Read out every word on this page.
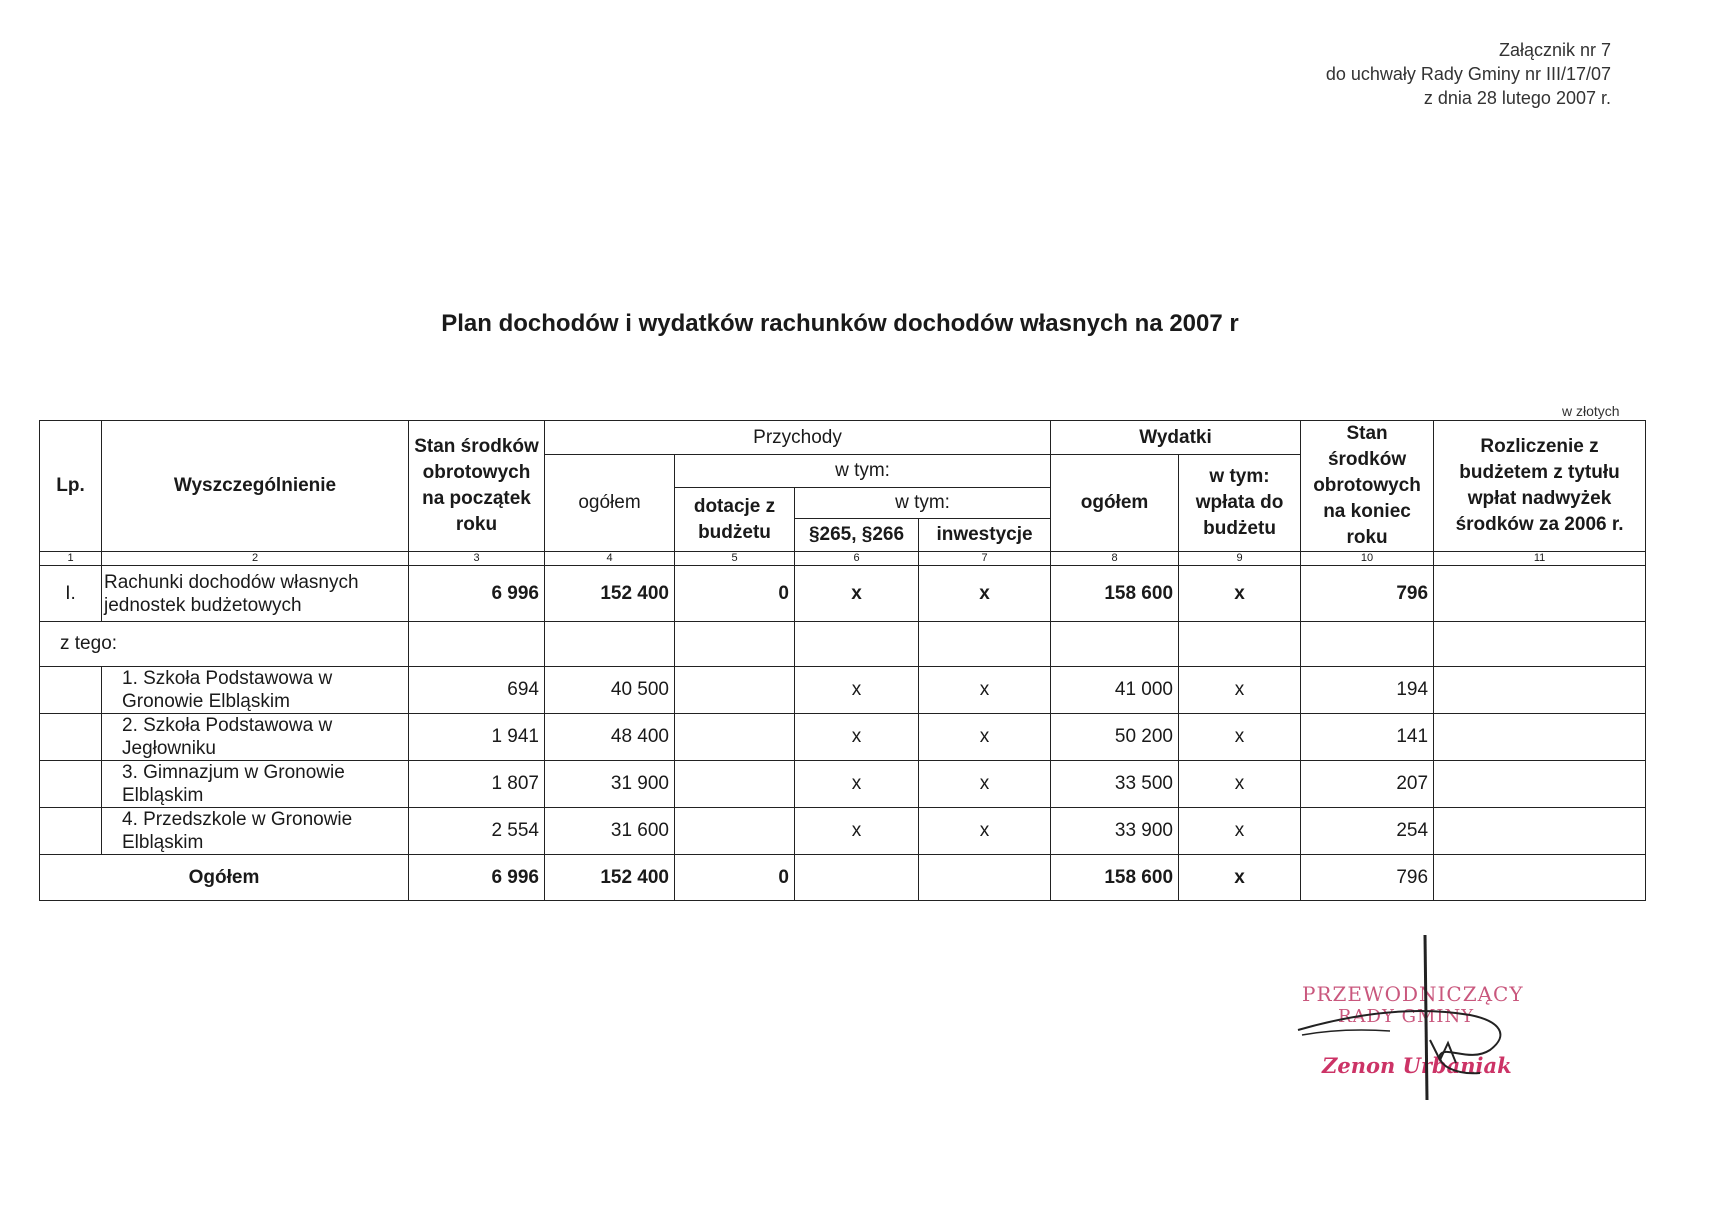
Załącznik nr 7
do uchwały Rady Gminy nr III/17/07
z dnia 28 lutego 2007 r.
Plan dochodów i wydatków rachunków dochodów własnych na 2007 r
w złotych
Lp.	Wyszczególnienie	Stan środków obrotowych na początek roku	Przychody				Wydatki		Stan środków obrotowych na koniec roku	Rozliczenie z budżetem z tytułu wpłat nadwyżek środków za 2006 r.
			ogółem	w tym:			ogółem	w tym: wpłata do budżetu		
				dotacje z budżetu	w tym:					
					§265, §266	inwestycje				
1	2	3	4	5	6	7	8	9	10	11
I.	Rachunki dochodów własnych jednostek budżetowych	6 996	152 400	0	x	x	158 600	x	796	
z tego:										
	1. Szkoła Podstawowa w Gronowie Elbląskim	694	40 500		x	x	41 000	x	194	
	2. Szkoła Podstawowa w Jegłowniku	1 941	48 400		x	x	50 200	x	141	
	3. Gimnazjum w Gronowie Elbląskim	1 807	31 900		x	x	33 500	x	207	
	4. Przedszkole w Gronowie Elbląskim	2 554	31 600		x	x	33 900	x	254	
Ogółem		6 996	152 400	0			158 600	x	796	
PRZEWODNICZĄCY
RADY GMINY
Zenon Urbaniak
